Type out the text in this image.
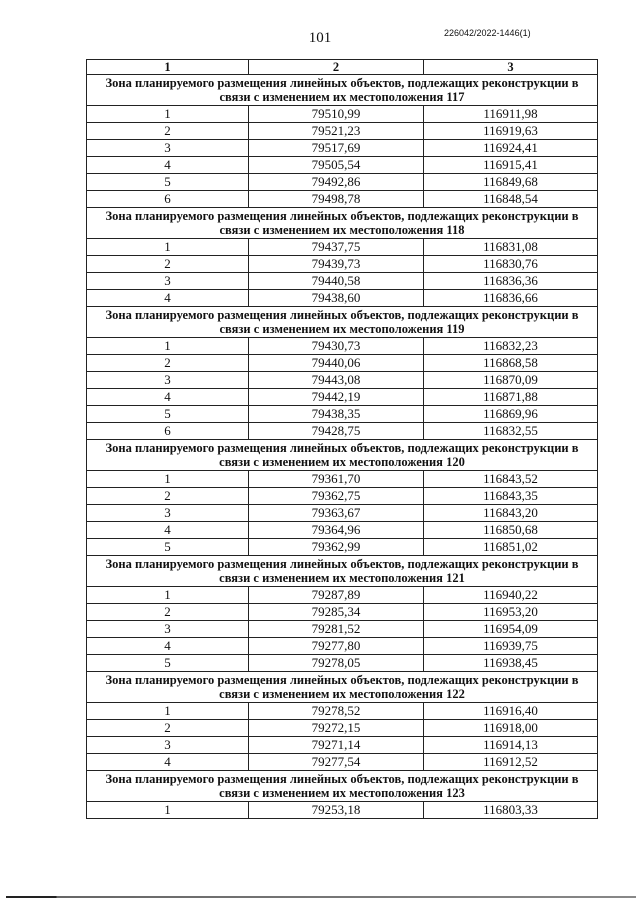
101	226042/2022-1446(1)
1	2	3
Зона планируемого размещения линейных объектов, подлежащих реконструкции в связи с изменением их местоположения 117		
1	79510,99	116911,98
2	79521,23	116919,63
3	79517,69	116924,41
4	79505,54	116915,41
5	79492,86	116849,68
6	79498,78	116848,54
Зона планируемого размещения линейных объектов, подлежащих реконструкции в связи с изменением их местоположения 118		
1	79437,75	116831,08
2	79439,73	116830,76
3	79440,58	116836,36
4	79438,60	116836,66
Зона планируемого размещения линейных объектов, подлежащих реконструкции в связи с изменением их местоположения 119		
1	79430,73	116832,23
2	79440,06	116868,58
3	79443,08	116870,09
4	79442,19	116871,88
5	79438,35	116869,96
6	79428,75	116832,55
Зона планируемого размещения линейных объектов, подлежащих реконструкции в связи с изменением их местоположения 120		
1	79361,70	116843,52
2	79362,75	116843,35
3	79363,67	116843,20
4	79364,96	116850,68
5	79362,99	116851,02
Зона планируемого размещения линейных объектов, подлежащих реконструкции в связи с изменением их местоположения 121		
1	79287,89	116940,22
2	79285,34	116953,20
3	79281,52	116954,09
4	79277,80	116939,75
5	79278,05	116938,45
Зона планируемого размещения линейных объектов, подлежащих реконструкции в связи с изменением их местоположения 122		
1	79278,52	116916,40
2	79272,15	116918,00
3	79271,14	116914,13
4	79277,54	116912,52
Зона планируемого размещения линейных объектов, подлежащих реконструкции в связи с изменением их местоположения 123		
1	79253,18	116803,33
